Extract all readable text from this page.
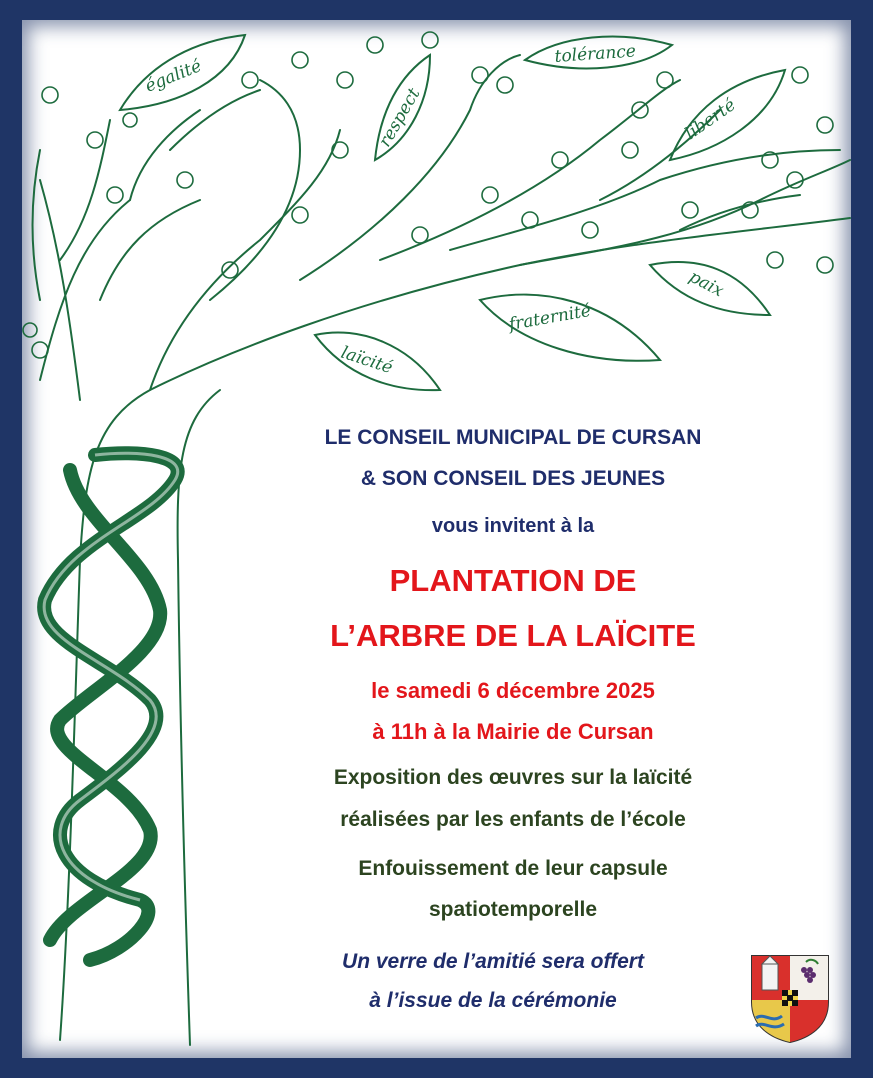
égalité
respect
tolérance
liberté
paix
fraternité
laïcité
LE CONSEIL MUNICIPAL DE CURSAN
& SON CONSEIL DES JEUNES
vous invitent à la
PLANTATION DE
L’ARBRE DE LA LAÏCITE
le samedi 6 décembre 2025
à 11h à la Mairie de Cursan
Exposition des œuvres sur la laïcité
réalisées par les enfants de l’école
Enfouissement de leur capsule
spatiotemporelle
Un verre de l’amitié sera offert
à l’issue de la cérémonie
